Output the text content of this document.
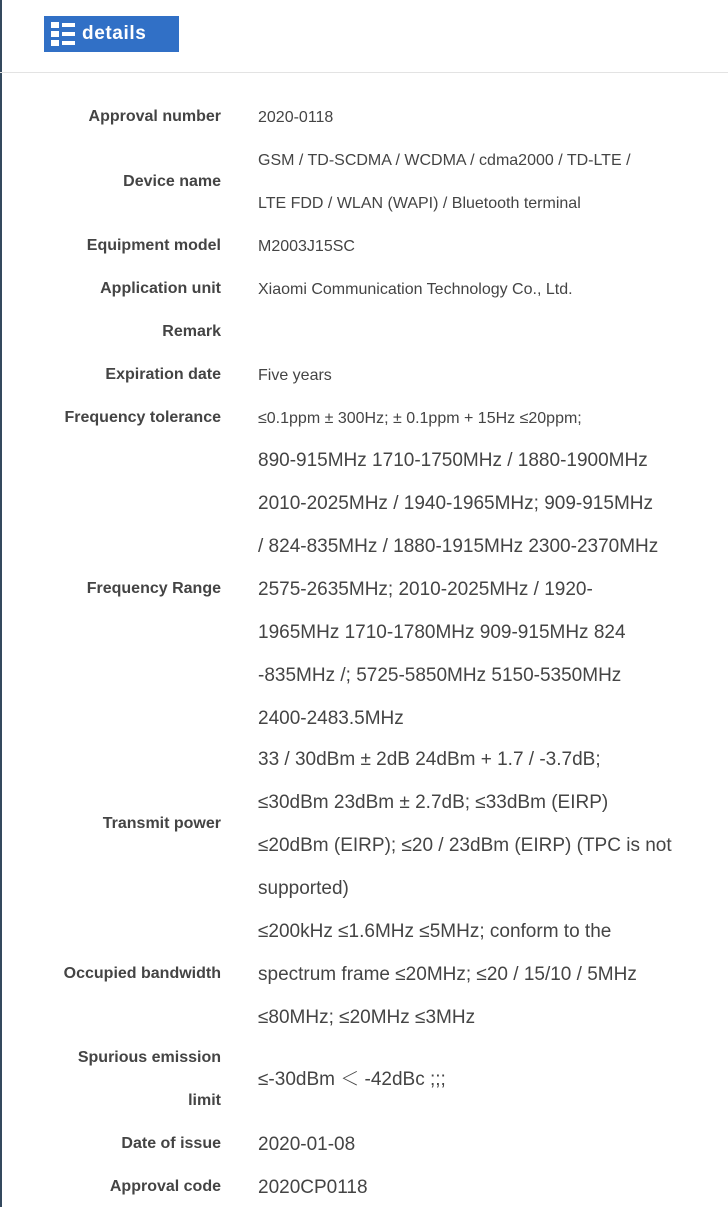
details
Approval number 2020-0118
Device name
GSM / TD-SCDMA / WCDMA / cdma2000 / TD-LTE /
LTE FDD / WLAN (WAPI) / Bluetooth terminal
Equipment model M2003J15SC
Application unit Xiaomi Communication Technology Co., Ltd.
Remark
Expiration date Five years
Frequency tolerance ≤0.1ppm ± 300Hz; ± 0.1ppm + 15Hz ≤20ppm;
Frequency Range
890-915MHz 1710-1750MHz / 1880-1900MHz
2010-2025MHz / 1940-1965MHz; 909-915MHz
/ 824-835MHz / 1880-1915MHz 2300-2370MHz
2575-2635MHz; 2010-2025MHz / 1920-
1965MHz 1710-1780MHz 909-915MHz 824
-835MHz /; 5725-5850MHz 5150-5350MHz
2400-2483.5MHz
Transmit power
33 / 30dBm ± 2dB 24dBm + 1.7 / -3.7dB;
≤30dBm 23dBm ± 2.7dB; ≤33dBm (EIRP)
≤20dBm (EIRP); ≤20 / 23dBm (EIRP) (TPC is not
supported)
Occupied bandwidth
≤200kHz ≤1.6MHz ≤5MHz; conform to the
spectrum frame ≤20MHz; ≤20 / 15/10 / 5MHz
≤80MHz; ≤20MHz ≤3MHz
Spurious emission
limit
≤-30dBm ＜ -42dBc ;;;
Date of issue 2020-01-08
Approval code 2020CP0118
